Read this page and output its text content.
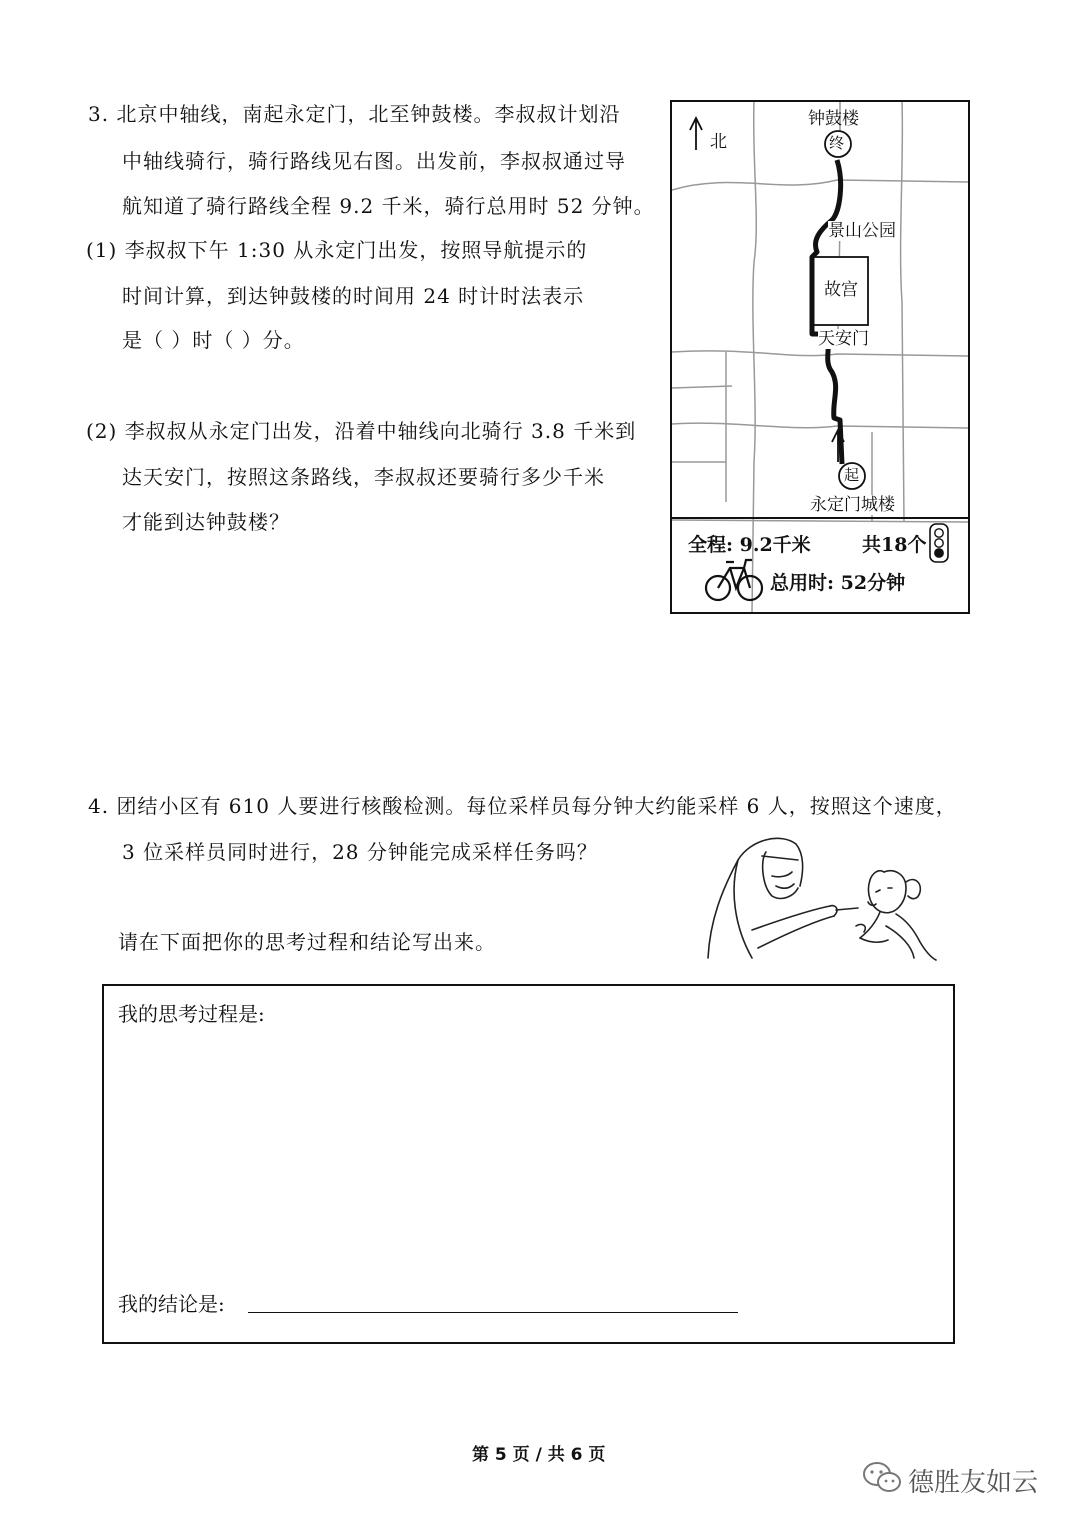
3. 北京中轴线，南起永定门，北至钟鼓楼。李叔叔计划沿
中轴线骑行，骑行路线见右图。出发前，李叔叔通过导
航知道了骑行路线全程 9.2 千米，骑行总用时 52 分钟。
(1) 李叔叔下午 1:30 从永定门出发，按照导航提示的
时间计算，到达钟鼓楼的时间用 24 时计时法表示
是（ ）时（ ）分。
(2) 李叔叔从永定门出发，沿着中轴线向北骑行 3.8 千米到
达天安门，按照这条路线，李叔叔还要骑行多少千米
才能到达钟鼓楼？
北
钟鼓楼
终
景山公园
故宫
天安门
起
永定门城楼
全程: 9.2千米	共18个
总用时: 52分钟
4. 团结小区有 610 人要进行核酸检测。每位采样员每分钟大约能采样 6 人，按照这个速度，
3 位采样员同时进行，28 分钟能完成采样任务吗？
请在下面把你的思考过程和结论写出来。
我的思考过程是:
我的结论是:
第 5 页 / 共 6 页
德胜友如云
